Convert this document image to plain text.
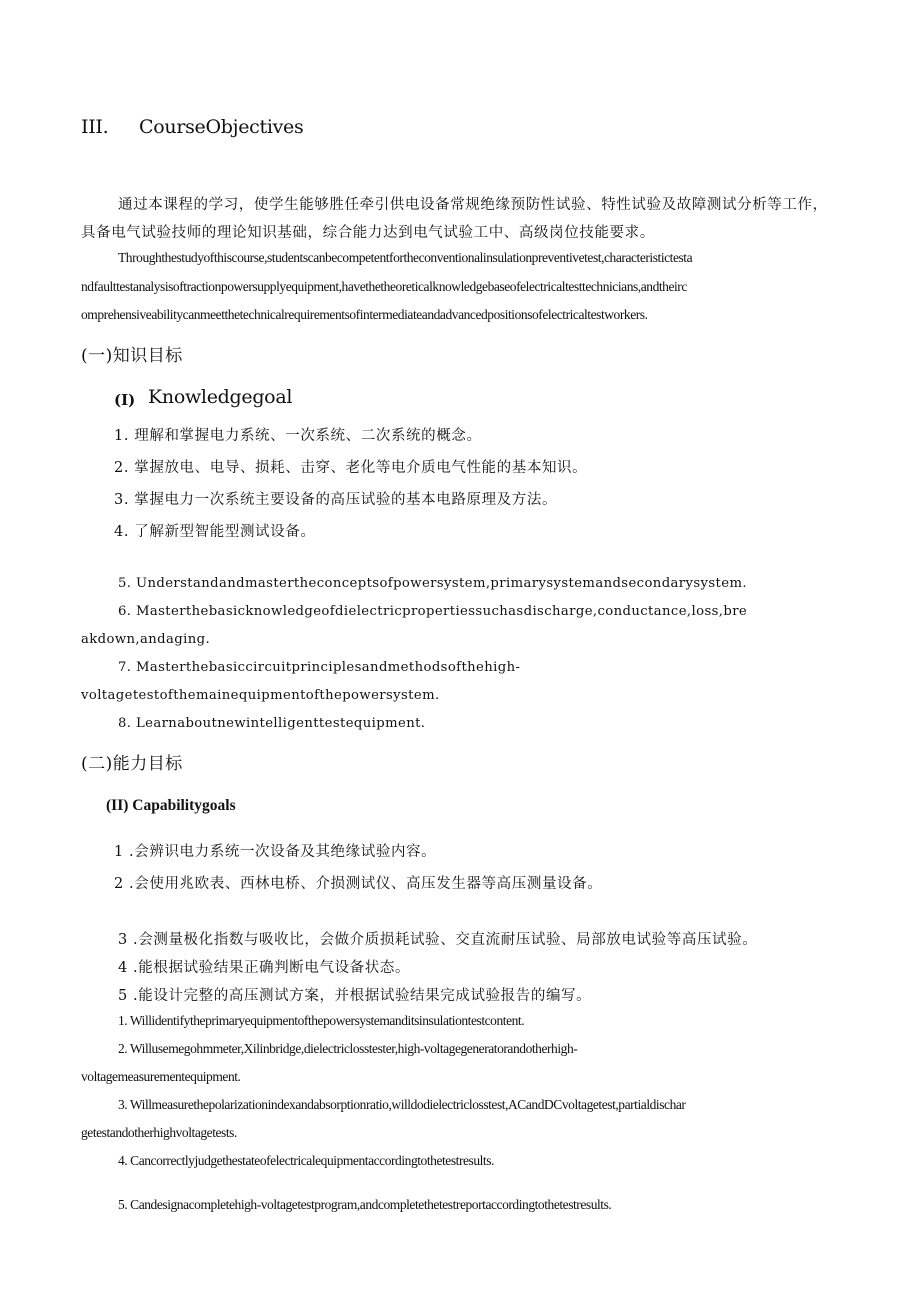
III. CourseObjectives
通过本课程的学习，使学生能够胜任牵引供电设备常规绝缘预防性试验、特性试验及故障测试分析等工作，
具备电气试验技师的理论知识基础，综合能力达到电气试验工中、高级岗位技能要求。
Throughthestudyofthiscourse,studentscanbecompetentfortheconventionalinsulationpreventivetest,characteristictesta
ndfaulttestanalysisoftractionpowersupplyequipment,havethetheoreticalknowledgebaseofelectricaltesttechnicians,andtheirc
omprehensiveabilitycanmeetthetechnicalrequirementsofintermediateandadvancedpositionsofelectricaltestworkers.
(一)知识目标
(I) Knowledgegoal
1. 理解和掌握电力系统、一次系统、二次系统的概念。
2. 掌握放电、电导、损耗、击穿、老化等电介质电气性能的基本知识。
3. 掌握电力一次系统主要设备的高压试验的基本电路原理及方法。
4. 了解新型智能型测试设备。
5. Understandandmastertheconceptsofpowersystem,primarysystemandsecondarysystem.
6. Masterthebasicknowledgeofdielectricpropertiessuchasdischarge,conductance,loss,bre
akdown,andaging.
7. Masterthebasiccircuitprinciplesandmethodsofthehigh-
voltagetestofthemainequipmentofthepowersystem.
8. Learnaboutnewintelligenttestequipment.
(二)能力目标
(II) Capabilitygoals
1 .会辨识电力系统一次设备及其绝缘试验内容。
2 .会使用兆欧表、西林电桥、介损测试仪、高压发生器等高压测量设备。
3 .会测量极化指数与吸收比，会做介质损耗试验、交直流耐压试验、局部放电试验等高压试验。
4 .能根据试验结果正确判断电气设备状态。
5 .能设计完整的高压测试方案，并根据试验结果完成试验报告的编写。
1. Willidentifytheprimaryequipmentofthepowersystemanditsinsulationtestcontent.
2. Willusemegohmmeter,Xilinbridge,dielectriclosstester,high-voltagegeneratorandotherhigh-
voltagemeasurementequipment.
3. Willmeasurethepolarizationindexandabsorptionratio,willdodielectriclosstest,ACandDCvoltagetest,partialdischar
getestandotherhighvoltagetests.
4. Cancorrectlyjudgethestateofelectricalequipmentaccordingtothetestresults.
5. Candesignacompletehigh-voltagetestprogram,andcompletethetestreportaccordingtothetestresults.
